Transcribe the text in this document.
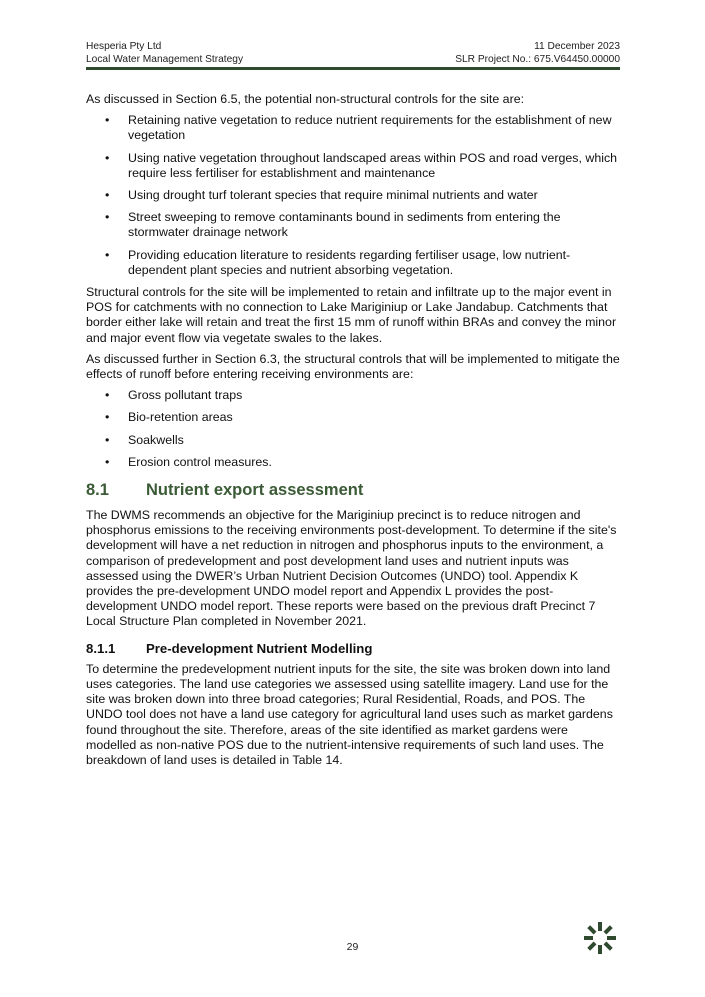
Hesperia Pty Ltd
Local Water Management Strategy
11 December 2023
SLR Project No.: 675.V64450.00000

As discussed in Section 6.5, the potential non-structural controls for the site are:

• Retaining native vegetation to reduce nutrient requirements for the establishment of new vegetation
• Using native vegetation throughout landscaped areas within POS and road verges, which require less fertiliser for establishment and maintenance
• Using drought turf tolerant species that require minimal nutrients and water
• Street sweeping to remove contaminants bound in sediments from entering the stormwater drainage network
• Providing education literature to residents regarding fertiliser usage, low nutrient-dependent plant species and nutrient absorbing vegetation.

Structural controls for the site will be implemented to retain and infiltrate up to the major event in POS for catchments with no connection to Lake Mariginiup or Lake Jandabup. Catchments that border either lake will retain and treat the first 15 mm of runoff within BRAs and convey the minor and major event flow via vegetate swales to the lakes.

As discussed further in Section 6.3, the structural controls that will be implemented to mitigate the effects of runoff before entering receiving environments are:

• Gross pollutant traps
• Bio-retention areas
• Soakwells
• Erosion control measures.
8.1 Nutrient export assessment

The DWMS recommends an objective for the Mariginiup precinct is to reduce nitrogen and phosphorus emissions to the receiving environments post-development. To determine if the site's development will have a net reduction in nitrogen and phosphorus inputs to the environment, a comparison of predevelopment and post development land uses and nutrient inputs was assessed using the DWER’s Urban Nutrient Decision Outcomes (UNDO) tool. Appendix K provides the pre-development UNDO model report and Appendix L provides the post-development UNDO model report. These reports were based on the previous draft Precinct 7 Local Structure Plan completed in November 2021.

8.1.1 Pre-development Nutrient Modelling

To determine the predevelopment nutrient inputs for the site, the site was broken down into land uses categories. The land use categories we assessed using satellite imagery. Land use for the site was broken down into three broad categories; Rural Residential, Roads, and POS. The UNDO tool does not have a land use category for agricultural land uses such as market gardens found throughout the site. Therefore, areas of the site identified as market gardens were modelled as non-native POS due to the nutrient-intensive requirements of such land uses. The breakdown of land uses is detailed in Table 14.

29
